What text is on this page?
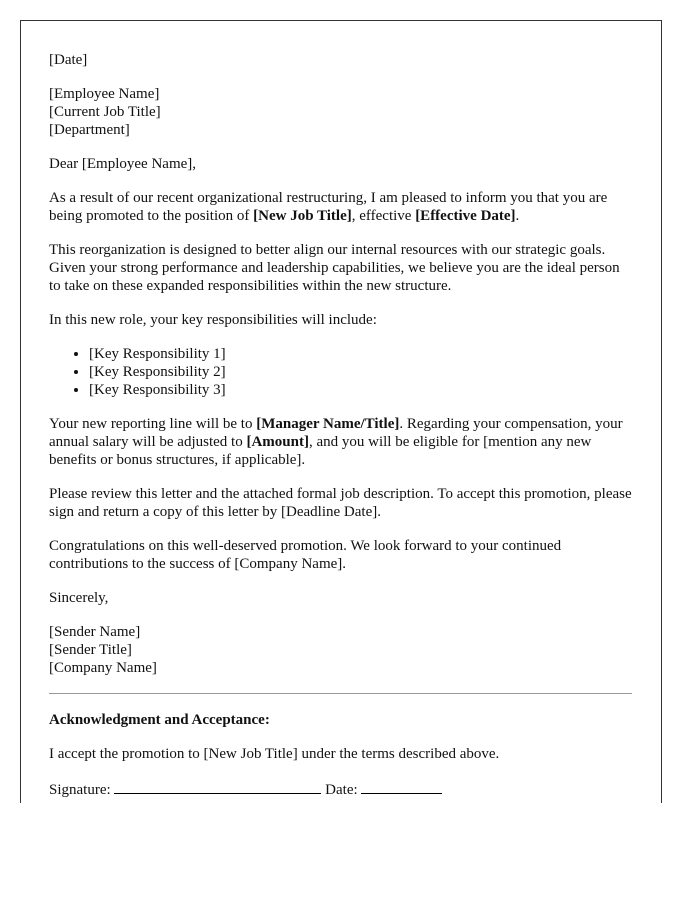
[Date]

[Employee Name]
[Current Job Title]
[Department]

Dear [Employee Name],

As a result of our recent organizational restructuring, I am pleased to inform you that you are being promoted to the position of [New Job Title], effective [Effective Date].

This reorganization is designed to better align our internal resources with our strategic goals. Given your strong performance and leadership capabilities, we believe you are the ideal person to take on these expanded responsibilities within the new structure.

In this new role, your key responsibilities will include:

• [Key Responsibility 1]
• [Key Responsibility 2]
• [Key Responsibility 3]

Your new reporting line will be to [Manager Name/Title]. Regarding your compensation, your annual salary will be adjusted to [Amount], and you will be eligible for [mention any new benefits or bonus structures, if applicable].

Please review this letter and the attached formal job description. To accept this promotion, please sign and return a copy of this letter by [Deadline Date].

Congratulations on this well-deserved promotion. We look forward to your continued contributions to the success of [Company Name].

Sincerely,

[Sender Name]
[Sender Title]
[Company Name]

Acknowledgment and Acceptance:

I accept the promotion to [New Job Title] under the terms described above.

Signature:	Date:
